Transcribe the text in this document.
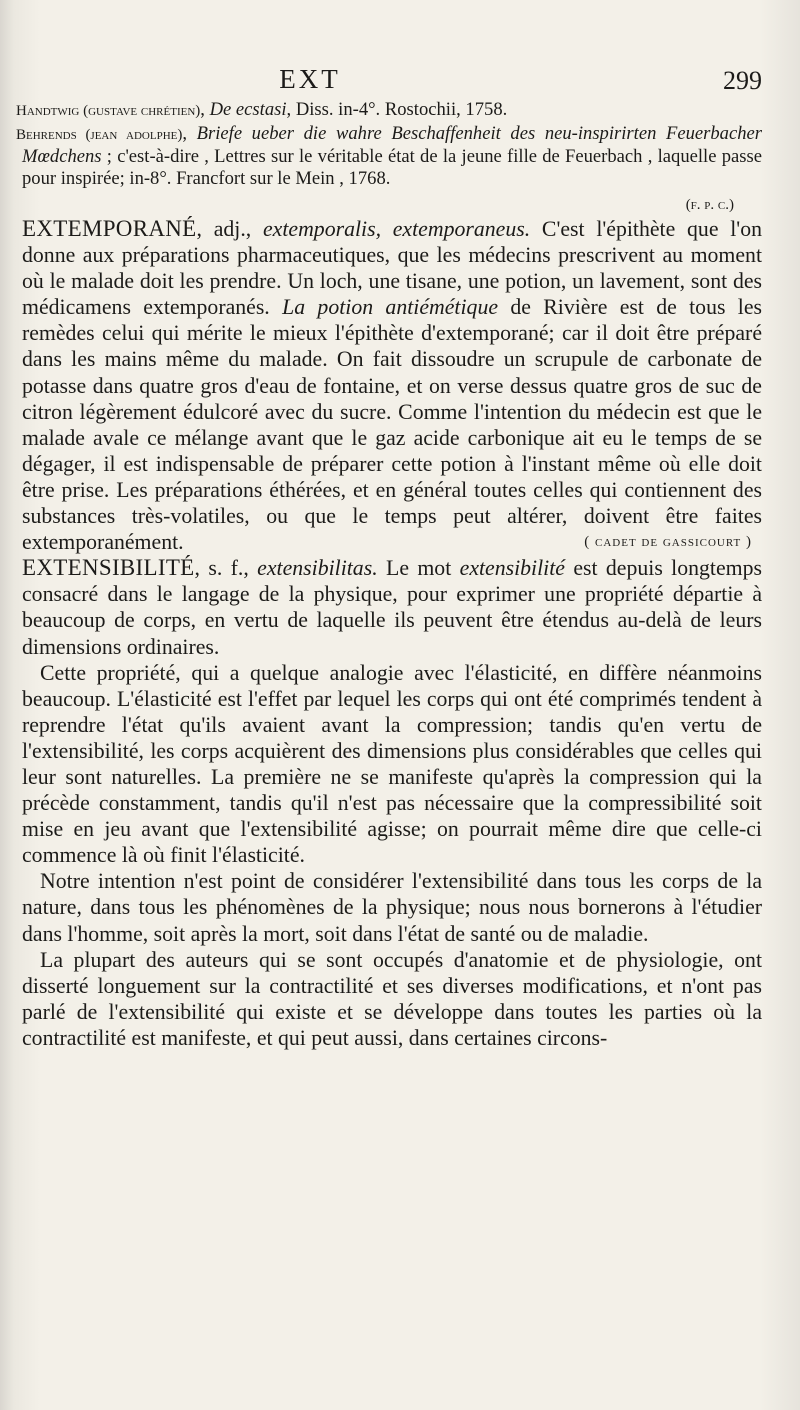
EXT	299

Handtwig (gustave chrétien), De ecstasi, Diss. in-4°. Rostochii, 1758.

Behrends (jean adolphe), Briefe ueber die wahre Beschaffenheit des neu-inspirirten Feuerbacher Mœdchens ; c'est-à-dire , Lettres sur le véritable état de la jeune fille de Feuerbach , laquelle passe pour inspirée; in-8°. Francfort sur le Mein , 1768.

(f. p. c.)

EXTEMPORANÉ, adj., extemporalis, extemporaneus. C'est l'épithète que l'on donne aux préparations pharmaceutiques, que les médecins prescrivent au moment où le malade doit les prendre. Un loch, une tisane, une potion, un lavement, sont des médicamens extemporanés. La potion antiémétique de Rivière est de tous les remèdes celui qui mérite le mieux l'épithète d'extemporané; car il doit être préparé dans les mains même du malade. On fait dissoudre un scrupule de carbonate de potasse dans quatre gros d'eau de fontaine, et on verse dessus quatre gros de suc de citron légèrement édulcoré avec du sucre. Comme l'intention du médecin est que le malade avale ce mélange avant que le gaz acide carbonique ait eu le temps de se dégager, il est indispensable de préparer cette potion à l'instant même où elle doit être prise. Les préparations éthérées, et en général toutes celles qui contiennent des substances très-volatiles, ou que le temps peut altérer, doivent être faites extemporanément.	( cadet de gassicourt )

EXTENSIBILITÉ, s. f., extensibilitas. Le mot extensibilité est depuis longtemps consacré dans le langage de la physique, pour exprimer une propriété départie à beaucoup de corps, en vertu de laquelle ils peuvent être étendus au-delà de leurs dimensions ordinaires.

Cette propriété, qui a quelque analogie avec l'élasticité, en diffère néanmoins beaucoup. L'élasticité est l'effet par lequel les corps qui ont été comprimés tendent à reprendre l'état qu'ils avaient avant la compression; tandis qu'en vertu de l'extensibilité, les corps acquièrent des dimensions plus considérables que celles qui leur sont naturelles. La première ne se manifeste qu'après la compression qui la précède constamment, tandis qu'il n'est pas nécessaire que la compressibilité soit mise en jeu avant que l'extensibilité agisse; on pourrait même dire que celle-ci commence là où finit l'élasticité.

Notre intention n'est point de considérer l'extensibilité dans tous les corps de la nature, dans tous les phénomènes de la physique; nous nous bornerons à l'étudier dans l'homme, soit après la mort, soit dans l'état de santé ou de maladie.

La plupart des auteurs qui se sont occupés d'anatomie et de physiologie, ont disserté longuement sur la contractilité et ses diverses modifications, et n'ont pas parlé de l'extensibilité qui existe et se développe dans toutes les parties où la contractilité est manifeste, et qui peut aussi, dans certaines circons-
